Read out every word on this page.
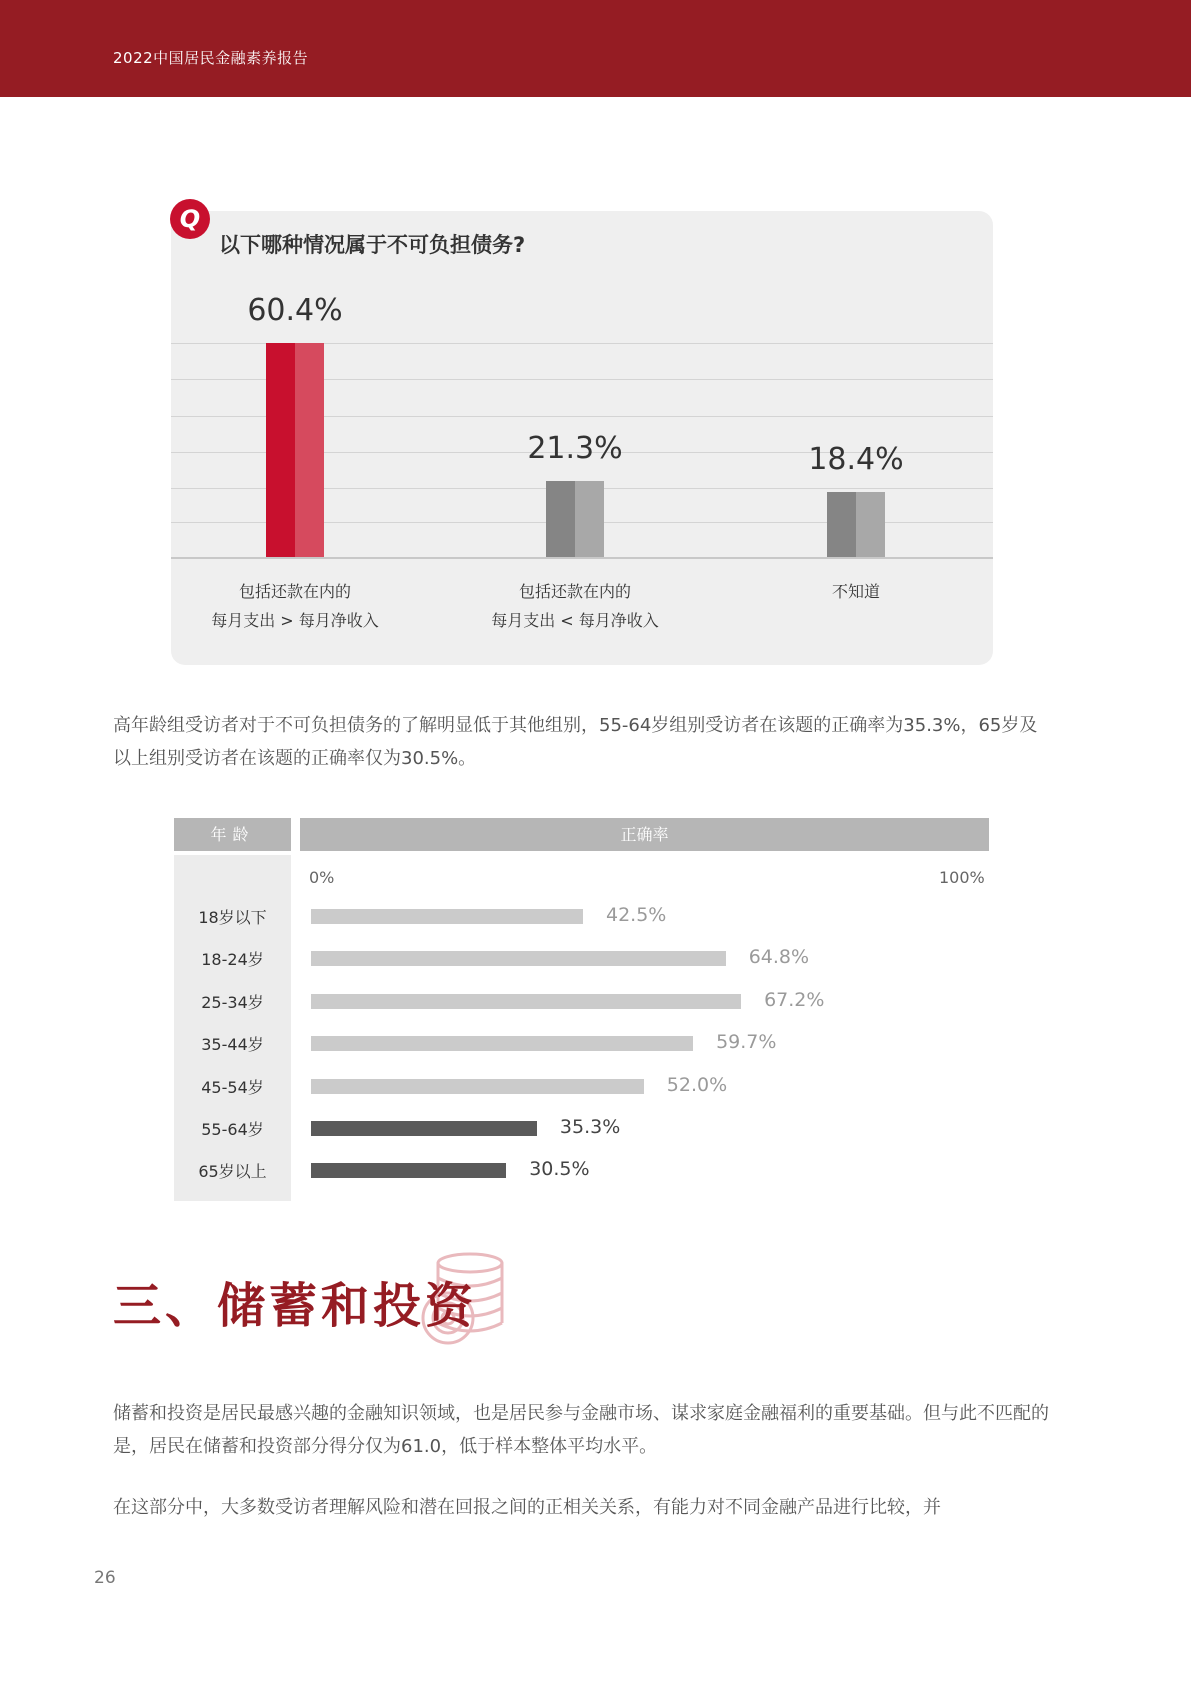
2022中国居民金融素养报告
Q
以下哪种情况属于不可负担债务?
60.4%
包括还款在内的
每月支出 > 每月净收入
21.3%
包括还款在内的
每月支出 < 每月净收入
18.4%
不知道
高年龄组受访者对于不可负担债务的了解明显低于其他组别，55-64岁组别受访者在该题的正确率为35.3%，65岁及以上组别受访者在该题的正确率仅为30.5%。
年龄	正确率
0%	100%
18岁以下	42.5%
18-24岁	64.8%
25-34岁	67.2%
35-44岁	59.7%
45-54岁	52.0%
55-64岁	35.3%
65岁以上	30.5%
三、储蓄和投资
储蓄和投资是居民最感兴趣的金融知识领域，也是居民参与金融市场、谋求家庭金融福利的重要基础。但与此不匹配的是，居民在储蓄和投资部分得分仅为61.0，低于样本整体平均水平。
在这部分中，大多数受访者理解风险和潜在回报之间的正相关关系，有能力对不同金融产品进行比较，并
26
